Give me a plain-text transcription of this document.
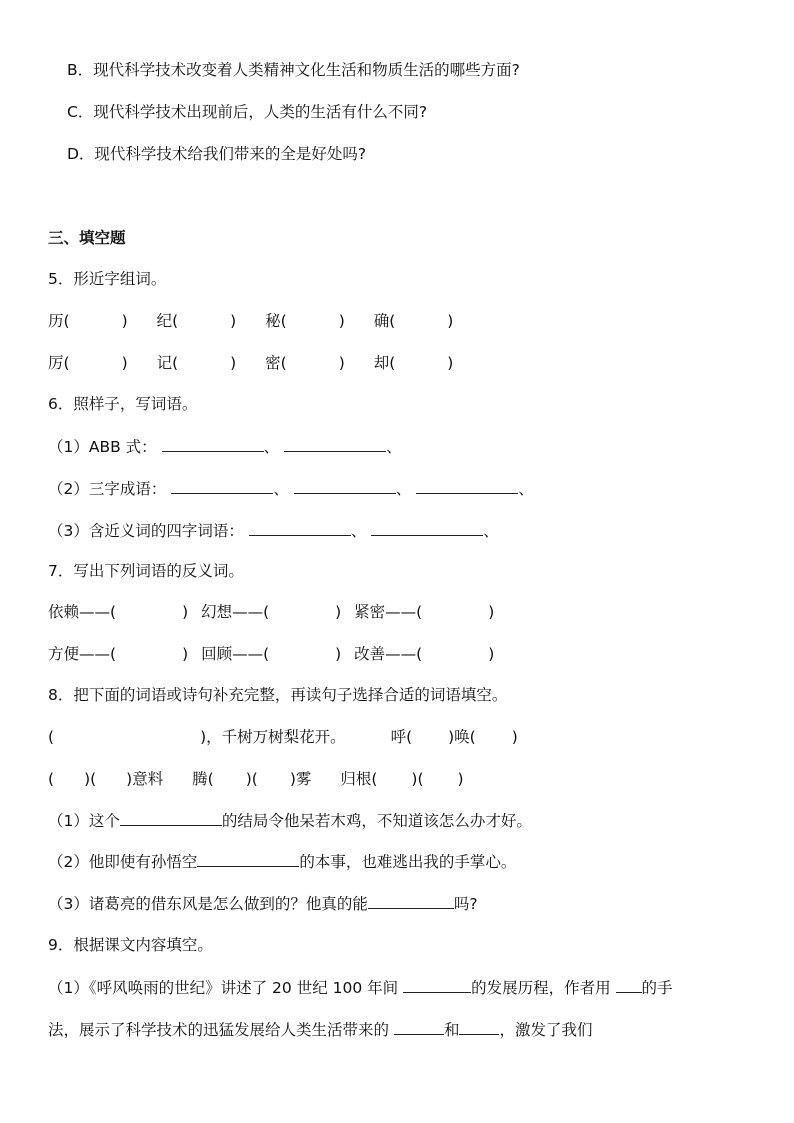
B．现代科学技术改变着人类精神文化生活和物质生活的哪些方面?
C．现代科学技术出现前后，人类的生活有什么不同?
D．现代科学技术给我们带来的全是好处吗?
三、填空题
5．形近字组词。
历(	) 纪(	) 秘(	) 确(	)
厉(	) 记(	) 密(	) 却(	)
6．照样子，写词语。
（1）ABB 式：	、	、
（2）三字成语：	、	、	、
（3）含近义词的四字词语：	、	、
7．写出下列词语的反义词。
依赖——(	) 幻想——(	) 紧密——(	)
方便——(	) 回顾——(	) 改善——(	)
8．把下面的词语或诗句补充完整，再读句子选择合适的词语填空。
(	)，千树万树梨花开。	呼( )唤( )
( )( )意料 腾( )( )雾 归根( )( )
（1）这个	的结局令他呆若木鸡，不知道该怎么办才好。
（2）他即使有孙悟空	的本事，也难逃出我的手掌心。
（3）诸葛亮的借东风是怎么做到的？他真的能	吗?
9．根据课文内容填空。
（1）《呼风唤雨的世纪》讲述了 20 世纪 100 年间	的发展历程，作者用 的手
法，展示了科学技术的迅猛发展给人类生活带来的	和	，激发了我们
